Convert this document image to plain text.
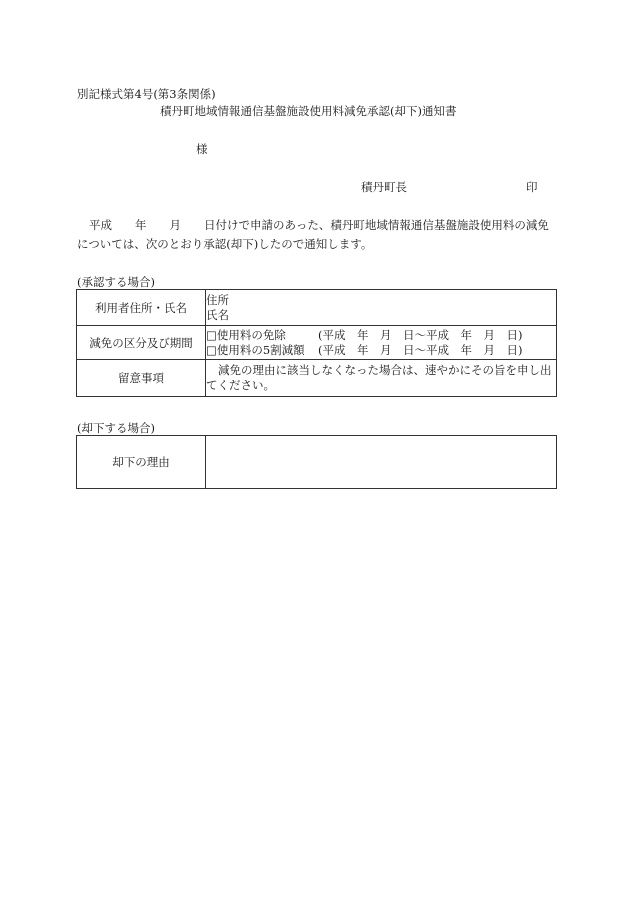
別記様式第4号(第3条関係)
積丹町地域情報通信基盤施設使用料減免承認(却下)通知書
様
積丹町長	印
平成　　年　　月　　日付けで申請のあった、積丹町地域情報通信基盤施設使用料の減免については、次のとおり承認(却下)したので通知します。
(承認する場合)
利用者住所・氏名	住所
氏名

減免の区分及び期間	□使用料の免除 (平成　年　月　日～平成　年　月　日)
□使用料の5割減額 (平成　年　月　日～平成　年　月　日)

留意事項	減免の理由に該当しなくなった場合は、速やかにその旨を申し出てください。
(却下する場合)
却下の理由	
